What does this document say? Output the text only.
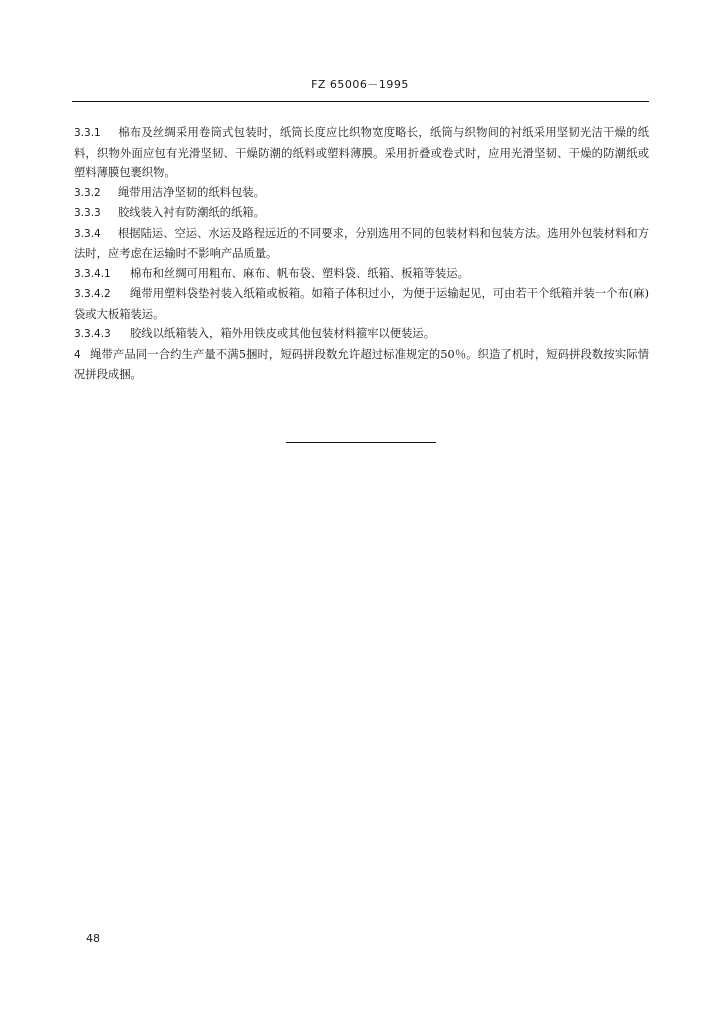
FZ 65006－1995

3.3.1 棉布及丝绸采用卷筒式包装时，纸筒长度应比织物宽度略长，纸筒与织物间的衬纸采用坚韧光洁干燥的纸料，织物外面应包有光滑坚韧、干燥防潮的纸料或塑料薄膜。采用折叠或卷式时，应用光滑坚韧、干燥的防潮纸或塑料薄膜包裹织物。

3.3.2 绳带用洁净坚韧的纸料包装。

3.3.3 胶线装入衬有防潮纸的纸箱。

3.3.4 根据陆运、空运、水运及路程远近的不同要求，分别选用不同的包装材料和包装方法。选用外包装材料和方法时，应考虑在运输时不影响产品质量。

3.3.4.1 棉布和丝绸可用粗布、麻布、帆布袋、塑料袋、纸箱、板箱等装运。

3.3.4.2 绳带用塑料袋垫衬装入纸箱或板箱。如箱子体积过小，为便于运输起见，可由若干个纸箱并装一个布(麻)袋或大板箱装运。

3.3.4.3 胶线以纸箱装入，箱外用铁皮或其他包装材料箍牢以便装运。

4 绳带产品同一合约生产量不满5捆时，短码拼段数允许超过标准规定的50％。织造了机时，短码拼段数按实际情况拼段成捆。

48
